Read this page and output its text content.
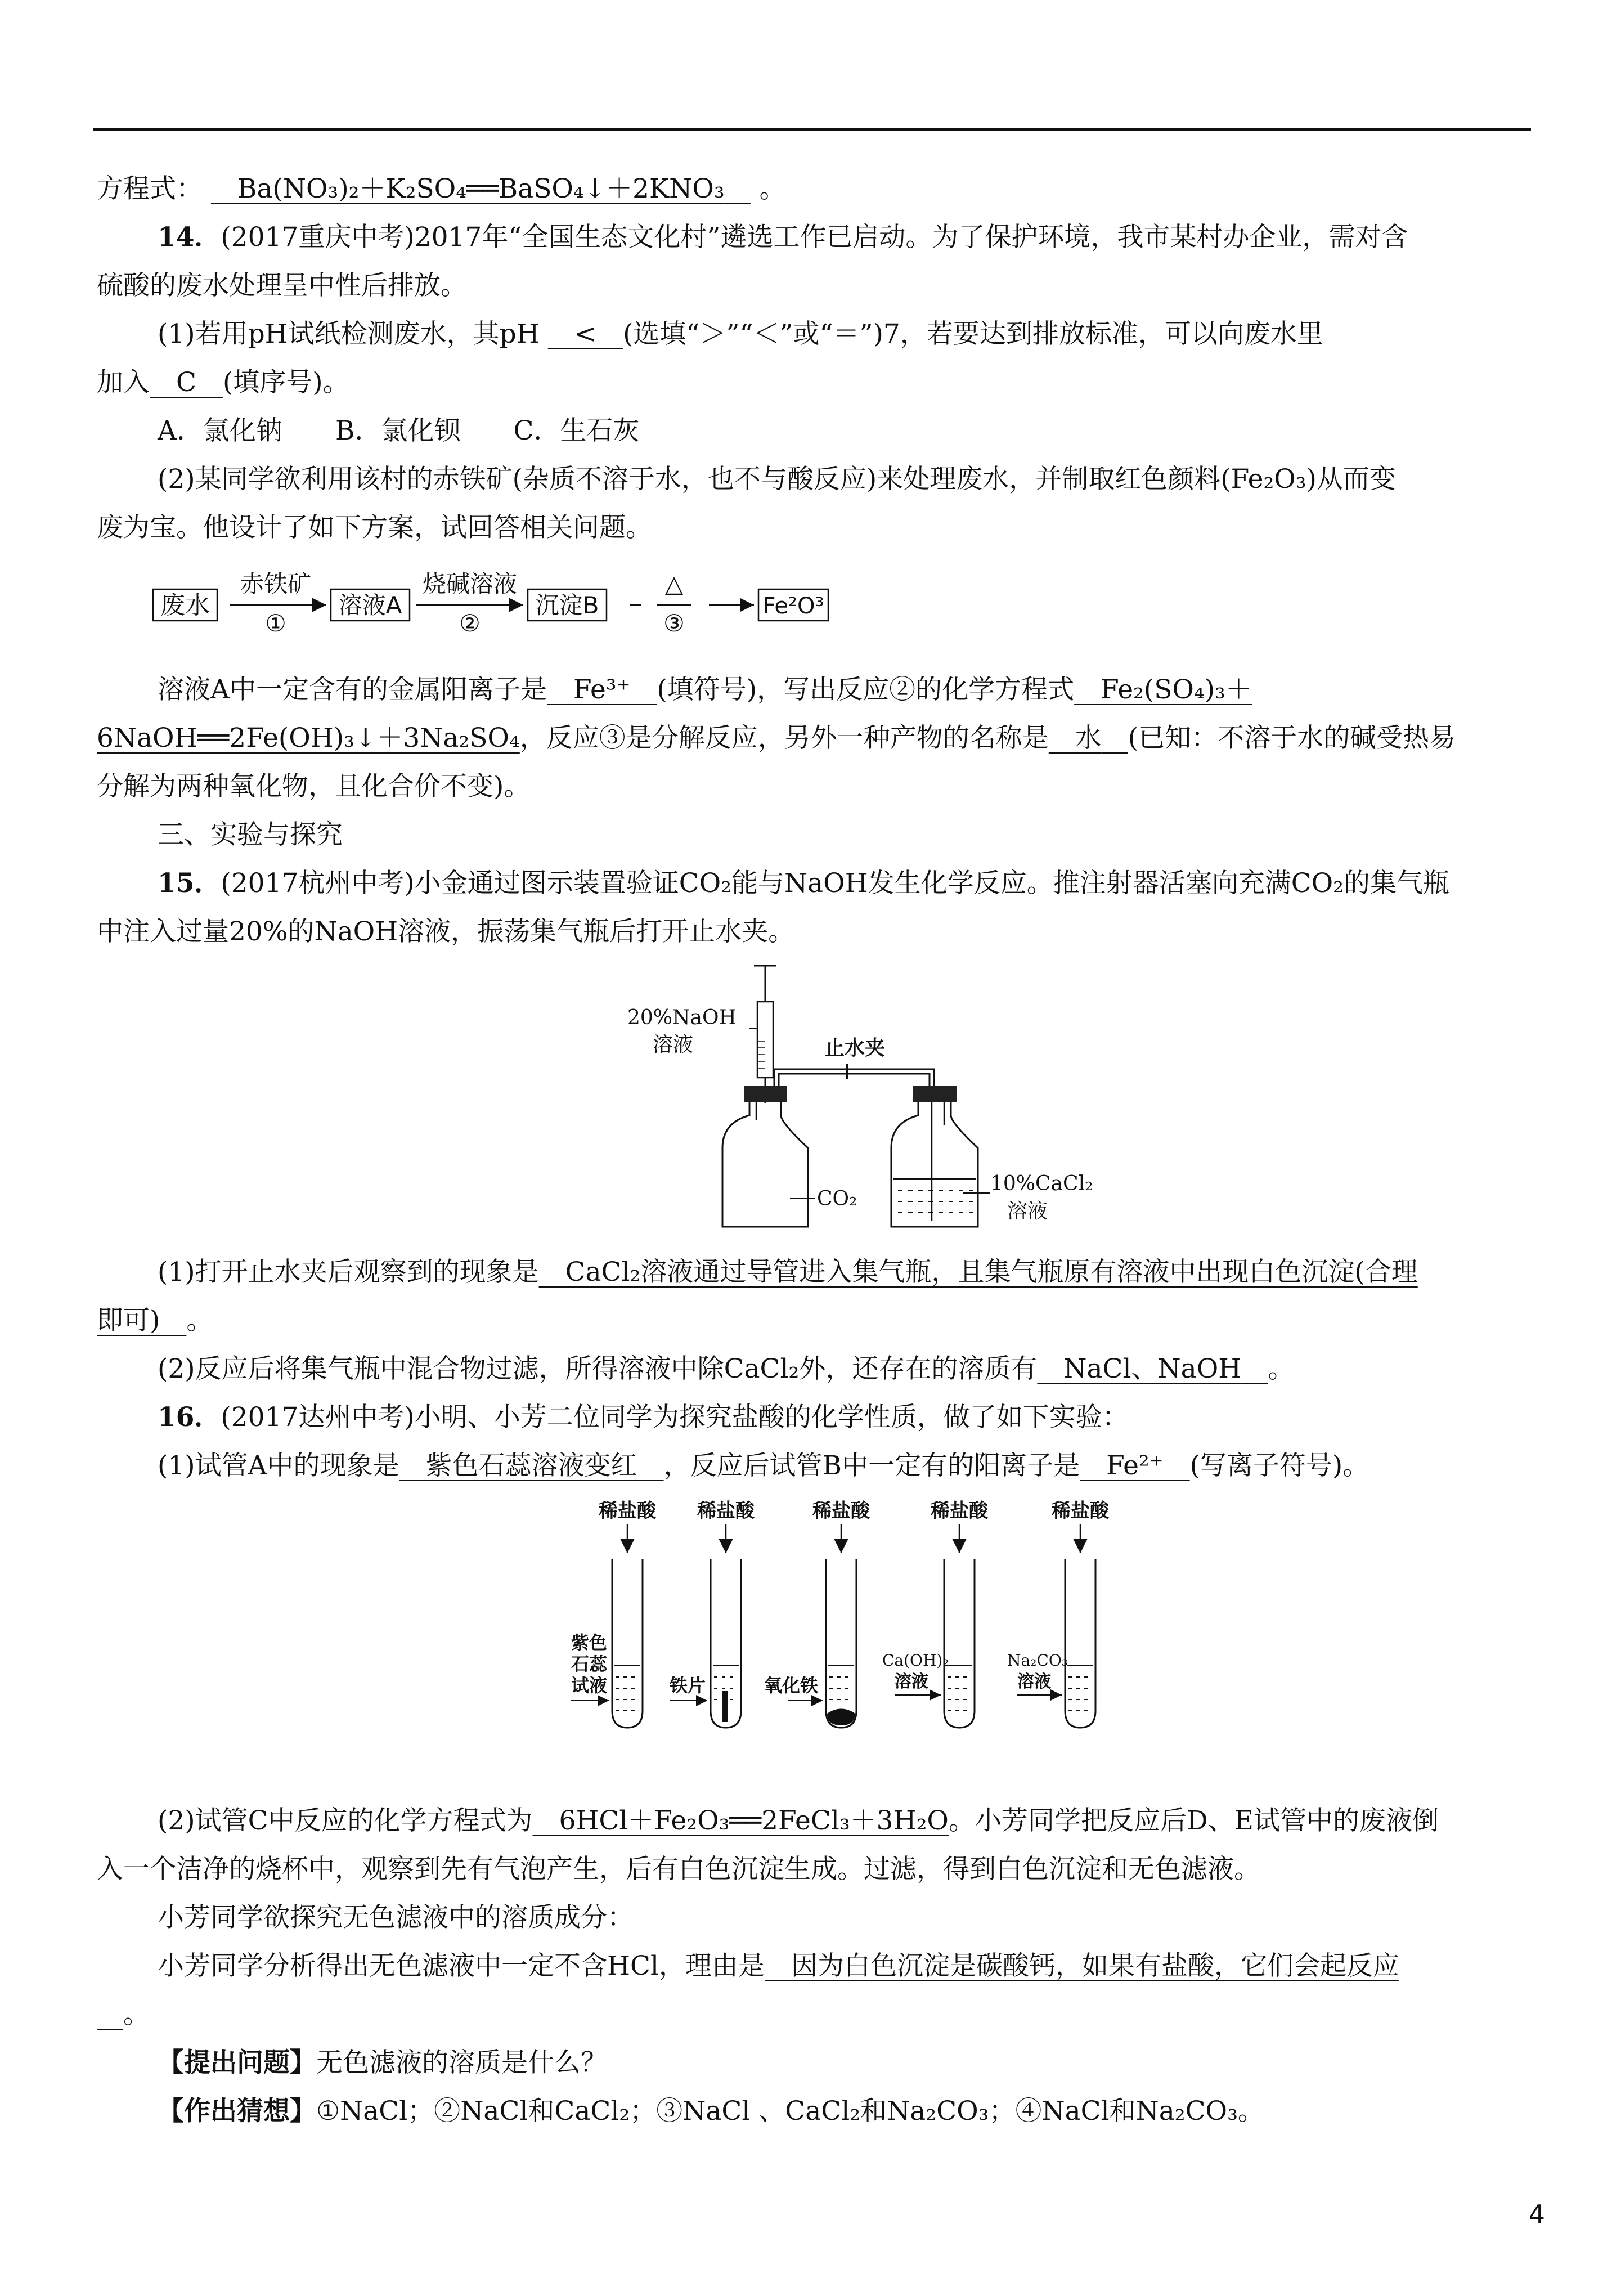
方程式：   Ba(NO₃)₂＋K₂SO₄══BaSO₄↓＋2KNO₃  。
14．(2017重庆中考)2017年“全国生态文化村”遴选工作已启动。为了保护环境，我市某村办企业，需对含
硫酸的废水处理呈中性后排放。
(1)若用pH试纸检测废水，其pH   <  (选填“＞”“＜”或“＝”)7，若要达到排放标准，可以向废水里
加入  C  (填序号)。
A．氯化钠　　B．氯化钡　　C．生石灰
(2)某同学欲利用该村的赤铁矿(杂质不溶于水，也不与酸反应)来处理废水，并制取红色颜料(Fe₂O₃)从而变
废为宝。他设计了如下方案，试回答相关问题。
废水
赤铁矿
①
溶液A
烧碱溶液
②
沉淀B
△
③
Fe²O³
溶液A中一定含有的金属阳离子是  Fe³⁺  (填符号)，写出反应②的化学方程式  Fe₂(SO₄)₃＋
6NaOH══2Fe(OH)₃↓＋3Na₂SO₄，反应③是分解反应，另外一种产物的名称是  水  (已知：不溶于水的碱受热易
分解为两种氧化物，且化合价不变)。
三、实验与探究
15．(2017杭州中考)小金通过图示装置验证CO₂能与NaOH发生化学反应。推注射器活塞向充满CO₂的集气瓶
中注入过量20%的NaOH溶液，振荡集气瓶后打开止水夹。
20%NaOH
溶液
CO₂
止水夹
10%CaCl₂
溶液
(1)打开止水夹后观察到的现象是  CaCl₂溶液通过导管进入集气瓶，且集气瓶原有溶液中出现白色沉淀(合理
即可)  。
(2)反应后将集气瓶中混合物过滤，所得溶液中除CaCl₂外，还存在的溶质有  NaCl、NaOH  。
16．(2017达州中考)小明、小芳二位同学为探究盐酸的化学性质，做了如下实验：
(1)试管A中的现象是  紫色石蕊溶液变红  ，反应后试管B中一定有的阳离子是  Fe²⁺  (写离子符号)。
稀盐酸
紫色
石蕊
试液
稀盐酸
铁片
稀盐酸
氧化铁
稀盐酸
Ca(OH)₂
溶液
稀盐酸
Na₂CO₃
溶液
(2)试管C中反应的化学方程式为  6HCl＋Fe₂O₃══2FeCl₃＋3H₂O。小芳同学把反应后D、E试管中的废液倒
入一个洁净的烧杯中，观察到先有气泡产生，后有白色沉淀生成。过滤，得到白色沉淀和无色滤液。
小芳同学欲探究无色滤液中的溶质成分：
小芳同学分析得出无色滤液中一定不含HCl，理由是  因为白色沉淀是碳酸钙，如果有盐酸，它们会起反应
 。
【提出问题】无色滤液的溶质是什么？
【作出猜想】①NaCl；②NaCl和CaCl₂；③NaCl 、CaCl₂和Na₂CO₃；④NaCl和Na₂CO₃。
4
